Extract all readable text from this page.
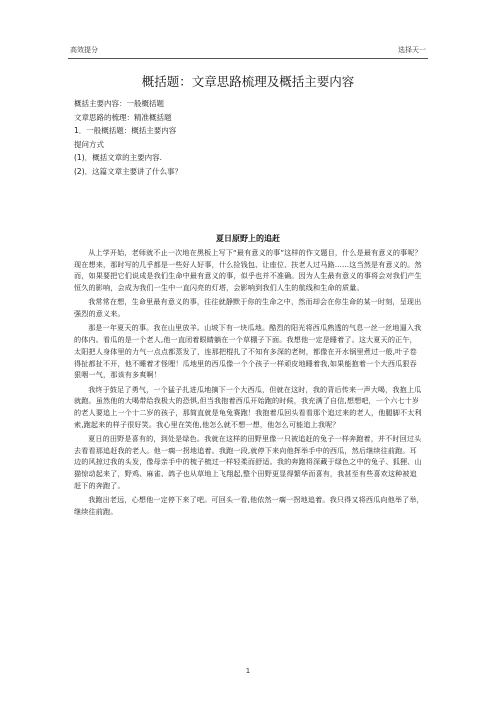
高效提分	选择天一
概括题：文章思路梳理及概括主要内容
概括主要内容：一般概括题
文章思路的梳理：精准概括题
1．一般概括题：概括主要内容
提问方式
(1)．概括文章的主要内容.
(2)．这篇文章主要讲了什么事？
夏日原野上的追赶

从上学开始，老师就不止一次地在黑板上写下“最有意义的事”这样的作文题目，什么是最有意义的事呢？现在想来，那时写的几乎都是一些好人好事，什么捡钱包、让座位、扶老人过马路……这当然是有意义的。然而，如果要把它们说成是我们生命中最有意义的事，似乎也并不准确。因为人生最有意义的事将会对我们产生恒久的影响，会成为我们一生中一直闪亮的灯塔，会影响到我们人生的航线和生命的质量。

我常常在想，生命里最有意义的事，往往就静默于你的生命之中，然而却会在你生命的某一时刻，呈现出强烈的意义来。

那是一年夏天的事。我在山里放羊。山坡下有一块瓜地。酷烈的阳光将西瓜熟透的气息一丝一丝地逼入我的体内。看瓜的是一个老人,他一直闭着眼睛躺在一个草棚子下面。我想他一定是睡着了。这大夏天的正午，太阳把人身体里的力气一点点都蒸发了，连那把棍扎了不知有多深的老树，都像在开水锅里煮过一般,叶子卷得扯都扯不开，他不睡着才怪哩！瓜地里的西瓜像一个个孩子一样顽皮地睡着我,如果能抱着一个大西瓜狠吞狠咽一气，那该有多爽啊！

我终于鼓足了勇气，一个猛子扎进瓜地摘下一个大西瓜，但就在这时，我的背后传来一声大喝，我抱上瓜就跑。虽然他的大喝带给我极大的恐惧,但当我抱着西瓜开始跑的时候，我充满了自信,想想吧，一个六七十岁的老人要追上一个十二岁的孩子，那简直就是龟兔赛跑！我抱着瓜回头看看那个追过来的老人，他腿脚不太利索,跑起来的样子很好笑。我心里在笑他,他怎么就不想一想，他怎么可能追上我呢？

夏日的田野是喜有的，到处是绿色。我就在这样的田野里像一只被追赶的兔子一样奔跑着，并不时回过头去看看那追赶我的老人。他一瘸一拐地追着。我跑一段,就停下来向他挥举手中的西瓜，然后继续往前跑。耳边的风掠过我的头发，像母亲手中的梳子梳过一样轻柔而舒适。我的奔跑将深藏于绿色之中的兔子、狐狸、山猫惊动起来了，野鸡、麻雀、鸽子也从草地上飞翔起,整个田野更显得繁华而喜有，我甚至有些喜欢这种被追赶下的奔跑了。

我跑出老远，心想他一定停下来了吧。可回头一看,他依然一瘸一拐地追着。我只得又将西瓜向他举了举，继续往前跑。

1
